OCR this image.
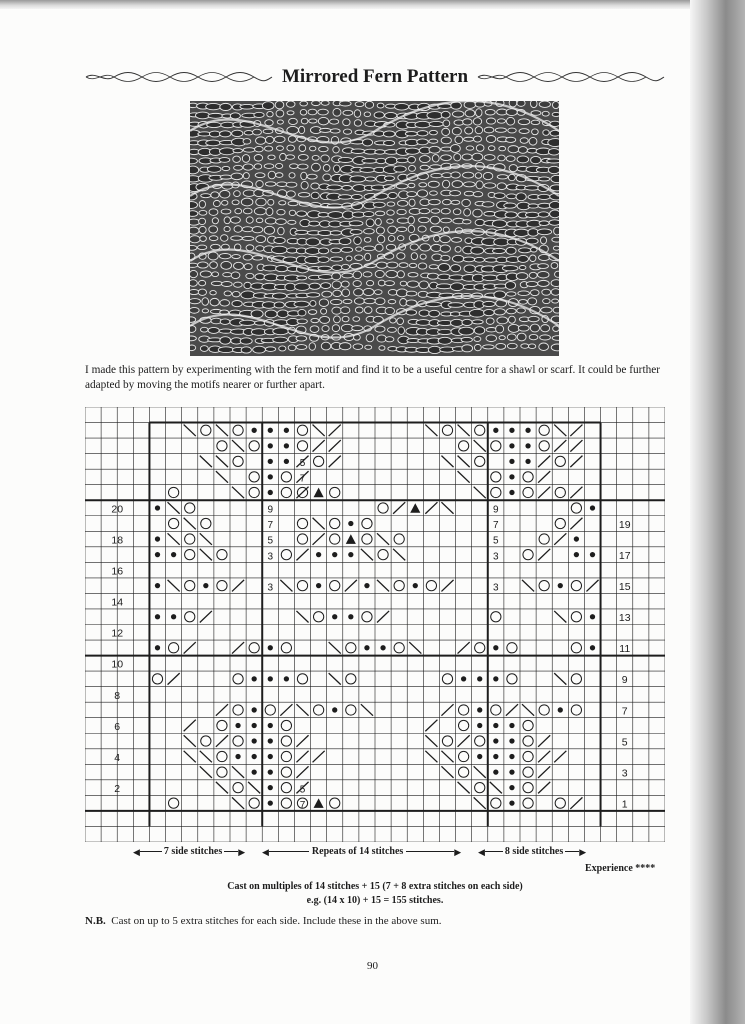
Mirrored Fern Pattern
I made this pattern by experimenting with the fern motif and find it to be a useful centre for a shawl or scarf. It could be further adapted by moving the motifs nearer or further apart.
20
18
16
14
12
10
8
6
4
2
19
17
15
13
11
9
7
5
3
1
5
7
5
7
9
7
5
3
3
9
7
5
3
3
◀ 7 side stitches ▶ ◀	Repeats of 14 stitches	▶ ◀ 8 side stitches ▶
Experience ****
Cast on multiples of 14 stitches + 15 (7 + 8 extra stitches on each side)
e.g. (14 x 10) + 15 = 155 stitches.
N.B. Cast on up to 5 extra stitches for each side. Include these in the above sum.
90
